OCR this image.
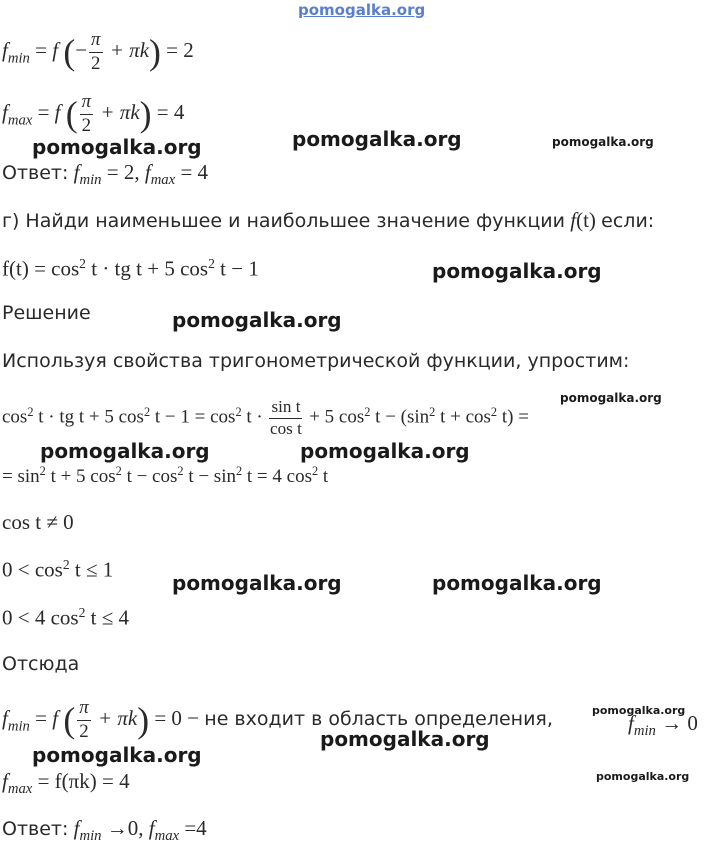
pomogalka.org
$f_{min} = f$ (− $\frac{\pi}{2} + \pi k) = 2$
$f_{max} = f$ ( $\frac{\pi}{2} + \pi k) = 4$
pomogalka.org	pomogalka.org	pomogalka.org
Ответ: $f_{min} = 2$, $f_{max} = 4$
г) Найди наименьшее и наибольшее значение функции f(t) если:
$f(t) = \cos^2 t$ · tg t + 5 $\cos^2 t - 1$	pomogalka.org
Решение	pomogalka.org
Используя свойства тригонометрической функции, упростим:
pomogalka.org
$\cos^2 t$ · tg t + 5 $\cos^2 t - 1 = \cos^2 t \cdot \frac{\text{sin t}}{\text{cos t}} + 5$ $\cos^2 t - (\sin^2$ $t + \cos^2 t$) =
pomogalka.org	pomogalka.org
= $\sin^2 t + 5$ $\cos^2 t - \cos^2 t - \sin^2 t = 4$ $\cos^2 t$
cos t ≠ 0
$0 < \cos^2 t \le 1$
pomogalka.org	pomogalka.org
0 < 4 $\cos^2 t \le 4$
Отсюда
$f_{min} = f$ ( $\frac{\pi}{2} + \pi k) = 0$ − не входит в область определения,	pomogalka.org
$f_{min} \to 0$
pomogalka.org
pomogalka.org
$f_{max} = f(\pi k) = 4$	pomogalka.org
Ответ: $f_{min} \to 0$, $f_{max} =4$
